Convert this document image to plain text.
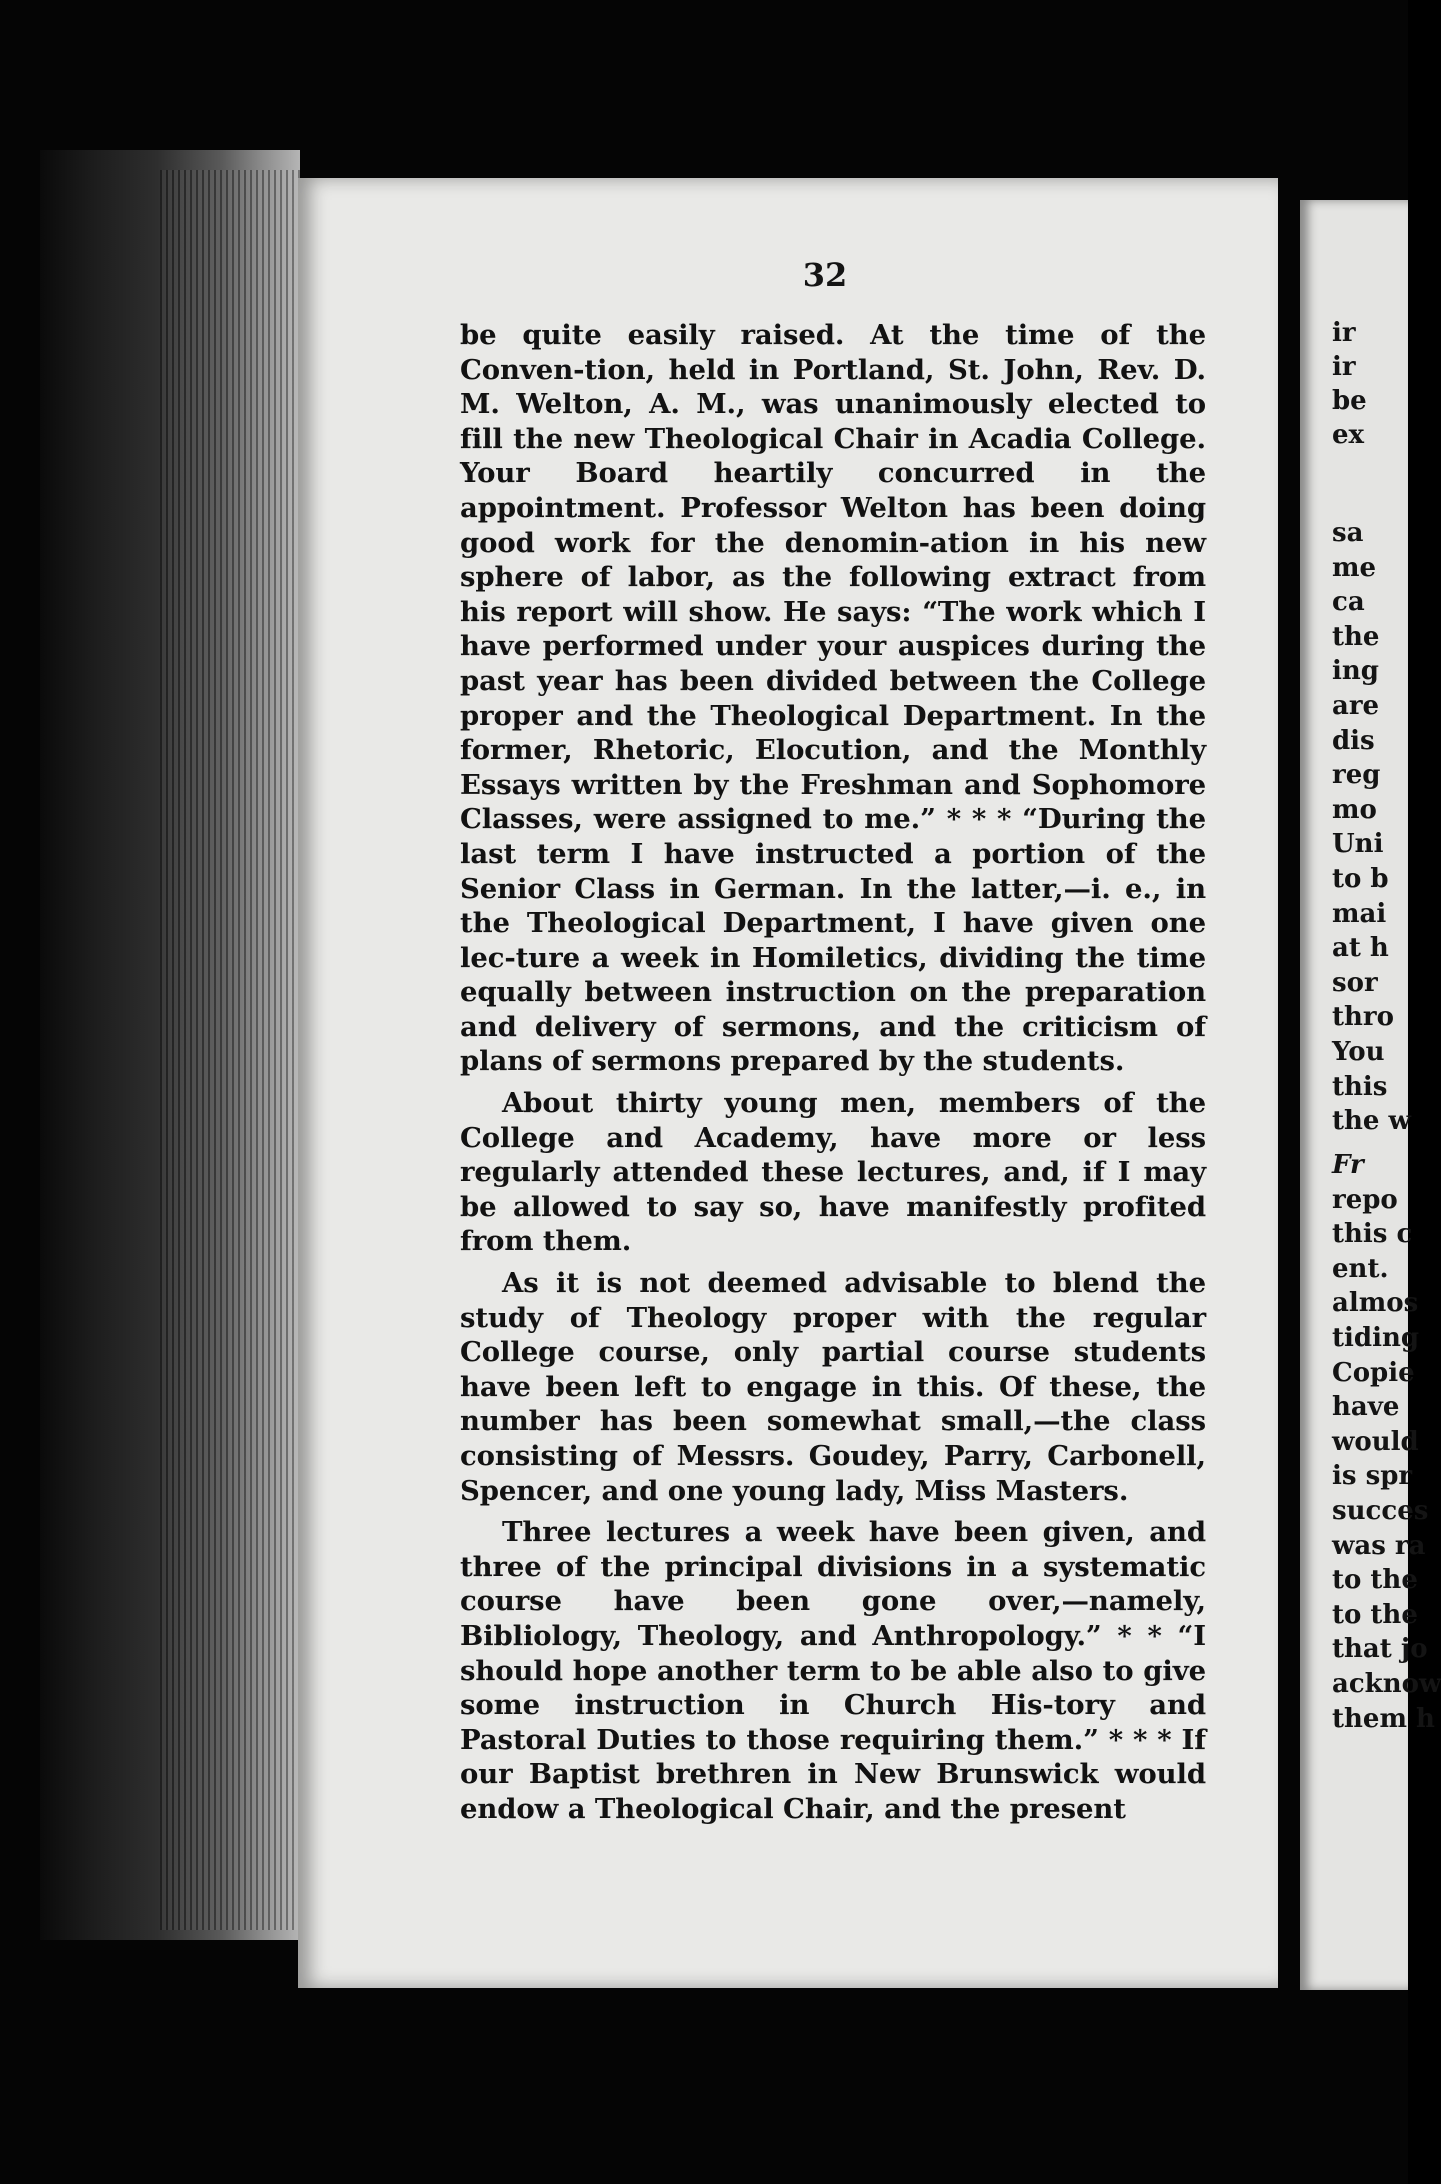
32

be quite easily raised. At the time of the Conven-tion, held in Portland, St. John, Rev. D. M. Welton, A. M., was unanimously elected to fill the new Theological Chair in Acadia College. Your Board heartily concurred in the appointment. Professor Welton has been doing good work for the denomin-ation in his new sphere of labor, as the following extract from his report will show. He says: “The work which I have performed under your auspices during the past year has been divided between the College proper and the Theological Department. In the former, Rhetoric, Elocution, and the Monthly Essays written by the Freshman and Sophomore Classes, were assigned to me.” * * * “During the last term I have instructed a portion of the Senior Class in German. In the latter,—i. e., in the Theological Department, I have given one lec-ture a week in Homiletics, dividing the time equally between instruction on the preparation and delivery of sermons, and the criticism of plans of sermons prepared by the students.

About thirty young men, members of the College and Academy, have more or less regularly attended these lectures, and, if I may be allowed to say so, have manifestly profited from them.

As it is not deemed advisable to blend the study of Theology proper with the regular College course, only partial course students have been left to engage in this. Of these, the number has been somewhat small,—the class consisting of Messrs. Goudey, Parry, Carbonell, Spencer, and one young lady, Miss Masters.

Three lectures a week have been given, and three of the principal divisions in a systematic course have been gone over,—namely, Bibliology, Theology, and Anthropology.” * * “I should hope another term to be able also to give some instruction in Church His-tory and Pastoral Duties to those requiring them.” * * * If our Baptist brethren in New Brunswick would endow a Theological Chair, and the present

ir
ir
be
ex
sa
me
ca
the
ing
are
dis
reg
mo
Uni
to b
mai
at h
sor
thro
You
this
the w
Fr
repo
this c
ent.
almos
tiding
Copie
have
would
is spr
succes
was ra
to the
to the
that jo
acknow
them h
